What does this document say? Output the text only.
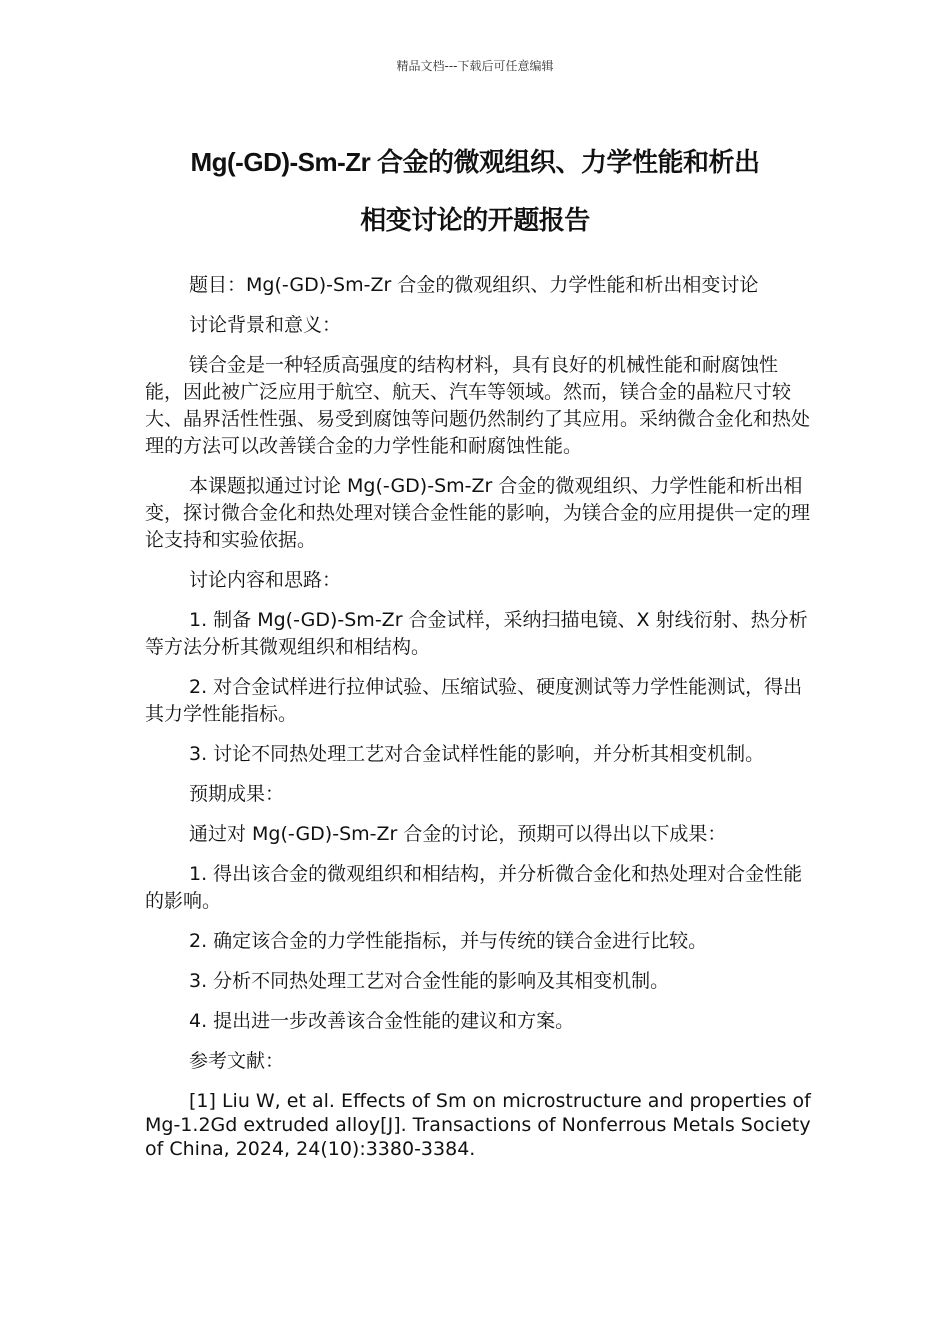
精品文档---下载后可任意编辑
Mg(-GD)-Sm-Zr 合金的微观组织、力学性能和析出
相变讨论的开题报告

题目：Mg(-GD)-Sm-Zr 合金的微观组织、力学性能和析出相变讨论

讨论背景和意义：

镁合金是一种轻质高强度的结构材料，具有良好的机械性能和耐腐蚀性能，因此被广泛应用于航空、航天、汽车等领域。然而，镁合金的晶粒尺寸较大、晶界活性性强、易受到腐蚀等问题仍然制约了其应用。采纳微合金化和热处理的方法可以改善镁合金的力学性能和耐腐蚀性能。

本课题拟通过讨论 Mg(-GD)-Sm-Zr 合金的微观组织、力学性能和析出相变，探讨微合金化和热处理对镁合金性能的影响，为镁合金的应用提供一定的理论支持和实验依据。

讨论内容和思路：

1. 制备 Mg(-GD)-Sm-Zr 合金试样，采纳扫描电镜、X 射线衍射、热分析等方法分析其微观组织和相结构。

2. 对合金试样进行拉伸试验、压缩试验、硬度测试等力学性能测试，得出其力学性能指标。

3. 讨论不同热处理工艺对合金试样性能的影响，并分析其相变机制。

预期成果：

通过对 Mg(-GD)-Sm-Zr 合金的讨论，预期可以得出以下成果：

1. 得出该合金的微观组织和相结构，并分析微合金化和热处理对合金性能的影响。

2. 确定该合金的力学性能指标，并与传统的镁合金进行比较。

3. 分析不同热处理工艺对合金性能的影响及其相变机制。

4. 提出进一步改善该合金性能的建议和方案。

参考文献：

[1] Liu W, et al. Effects of Sm on microstructure and properties of Mg-1.2Gd extruded alloy[J]. Transactions of Nonferrous Metals Society of China, 2024, 24(10):3380-3384.
